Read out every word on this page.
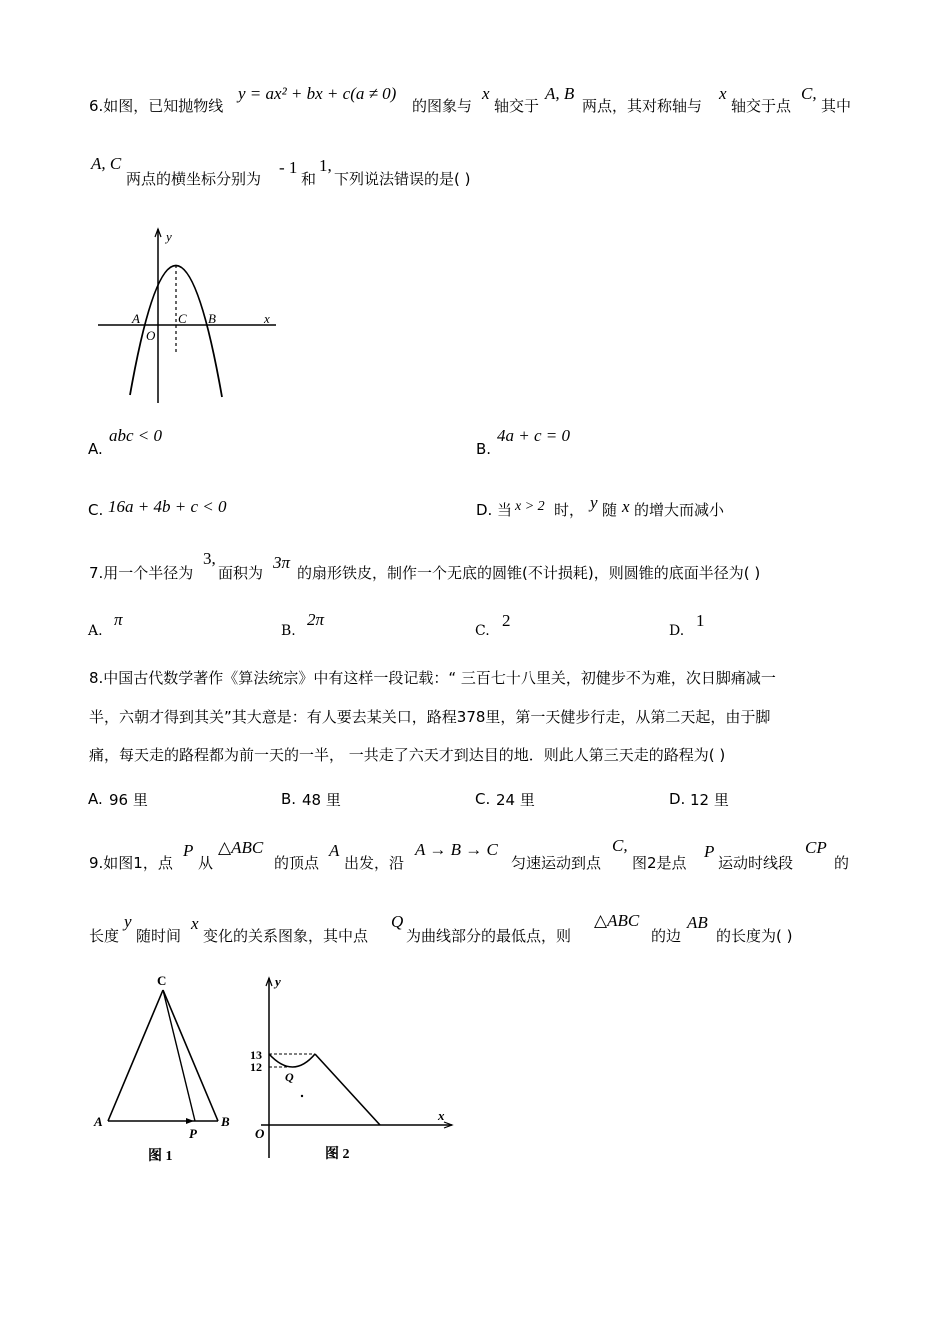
6.如图，已知抛物线
y = ax² + bx + c(a ≠ 0)
的图象与
x
轴交于
A, B
两点，其对称轴与
x
轴交于点
C,
其中
A, C
两点的横坐标分别为
- 1
和
1,
下列说法错误的是( )
y
x
A
O
C B
A.
abc < 0
B.
4a + c = 0
C. 16a + 4b + c < 0	D. 当 x > 2 时， y 随 x 的增大而减小
7.用一个半径为
3,
面积为
3π
的扇形铁皮，制作一个无底的圆锥(不计损耗)，则圆锥的底面半径为( )
A.
π
B.
2π
C.
2
D.
1
8.中国古代数学著作《算法统宗》中有这样一段记载：“ 三百七十八里关，初健步不为难，次日脚痛减一
半，六朝才得到其关”其大意是：有人要去某关口，路程378里，第一天健步行走，从第二天起，由于脚
痛，每天走的路程都为前一天的一半， 一共走了六天才到达目的地．则此人第三天走的路程为( )
A. 96 里	B. 48 里	C. 24 里	D. 12 里
9.如图1，点
P
从
△ABC
的顶点
A
出发，沿
A → B → C
匀速运动到点
C,
图2是点
P
运动时线段
CP
的
长度
y
随时间
x
变化的关系图象，其中点
Q
为曲线部分的最低点，则
△ABC
的边
AB
的长度为( )
C
A
P
B
图 1
y
x
O
13
12
Q
图 2
